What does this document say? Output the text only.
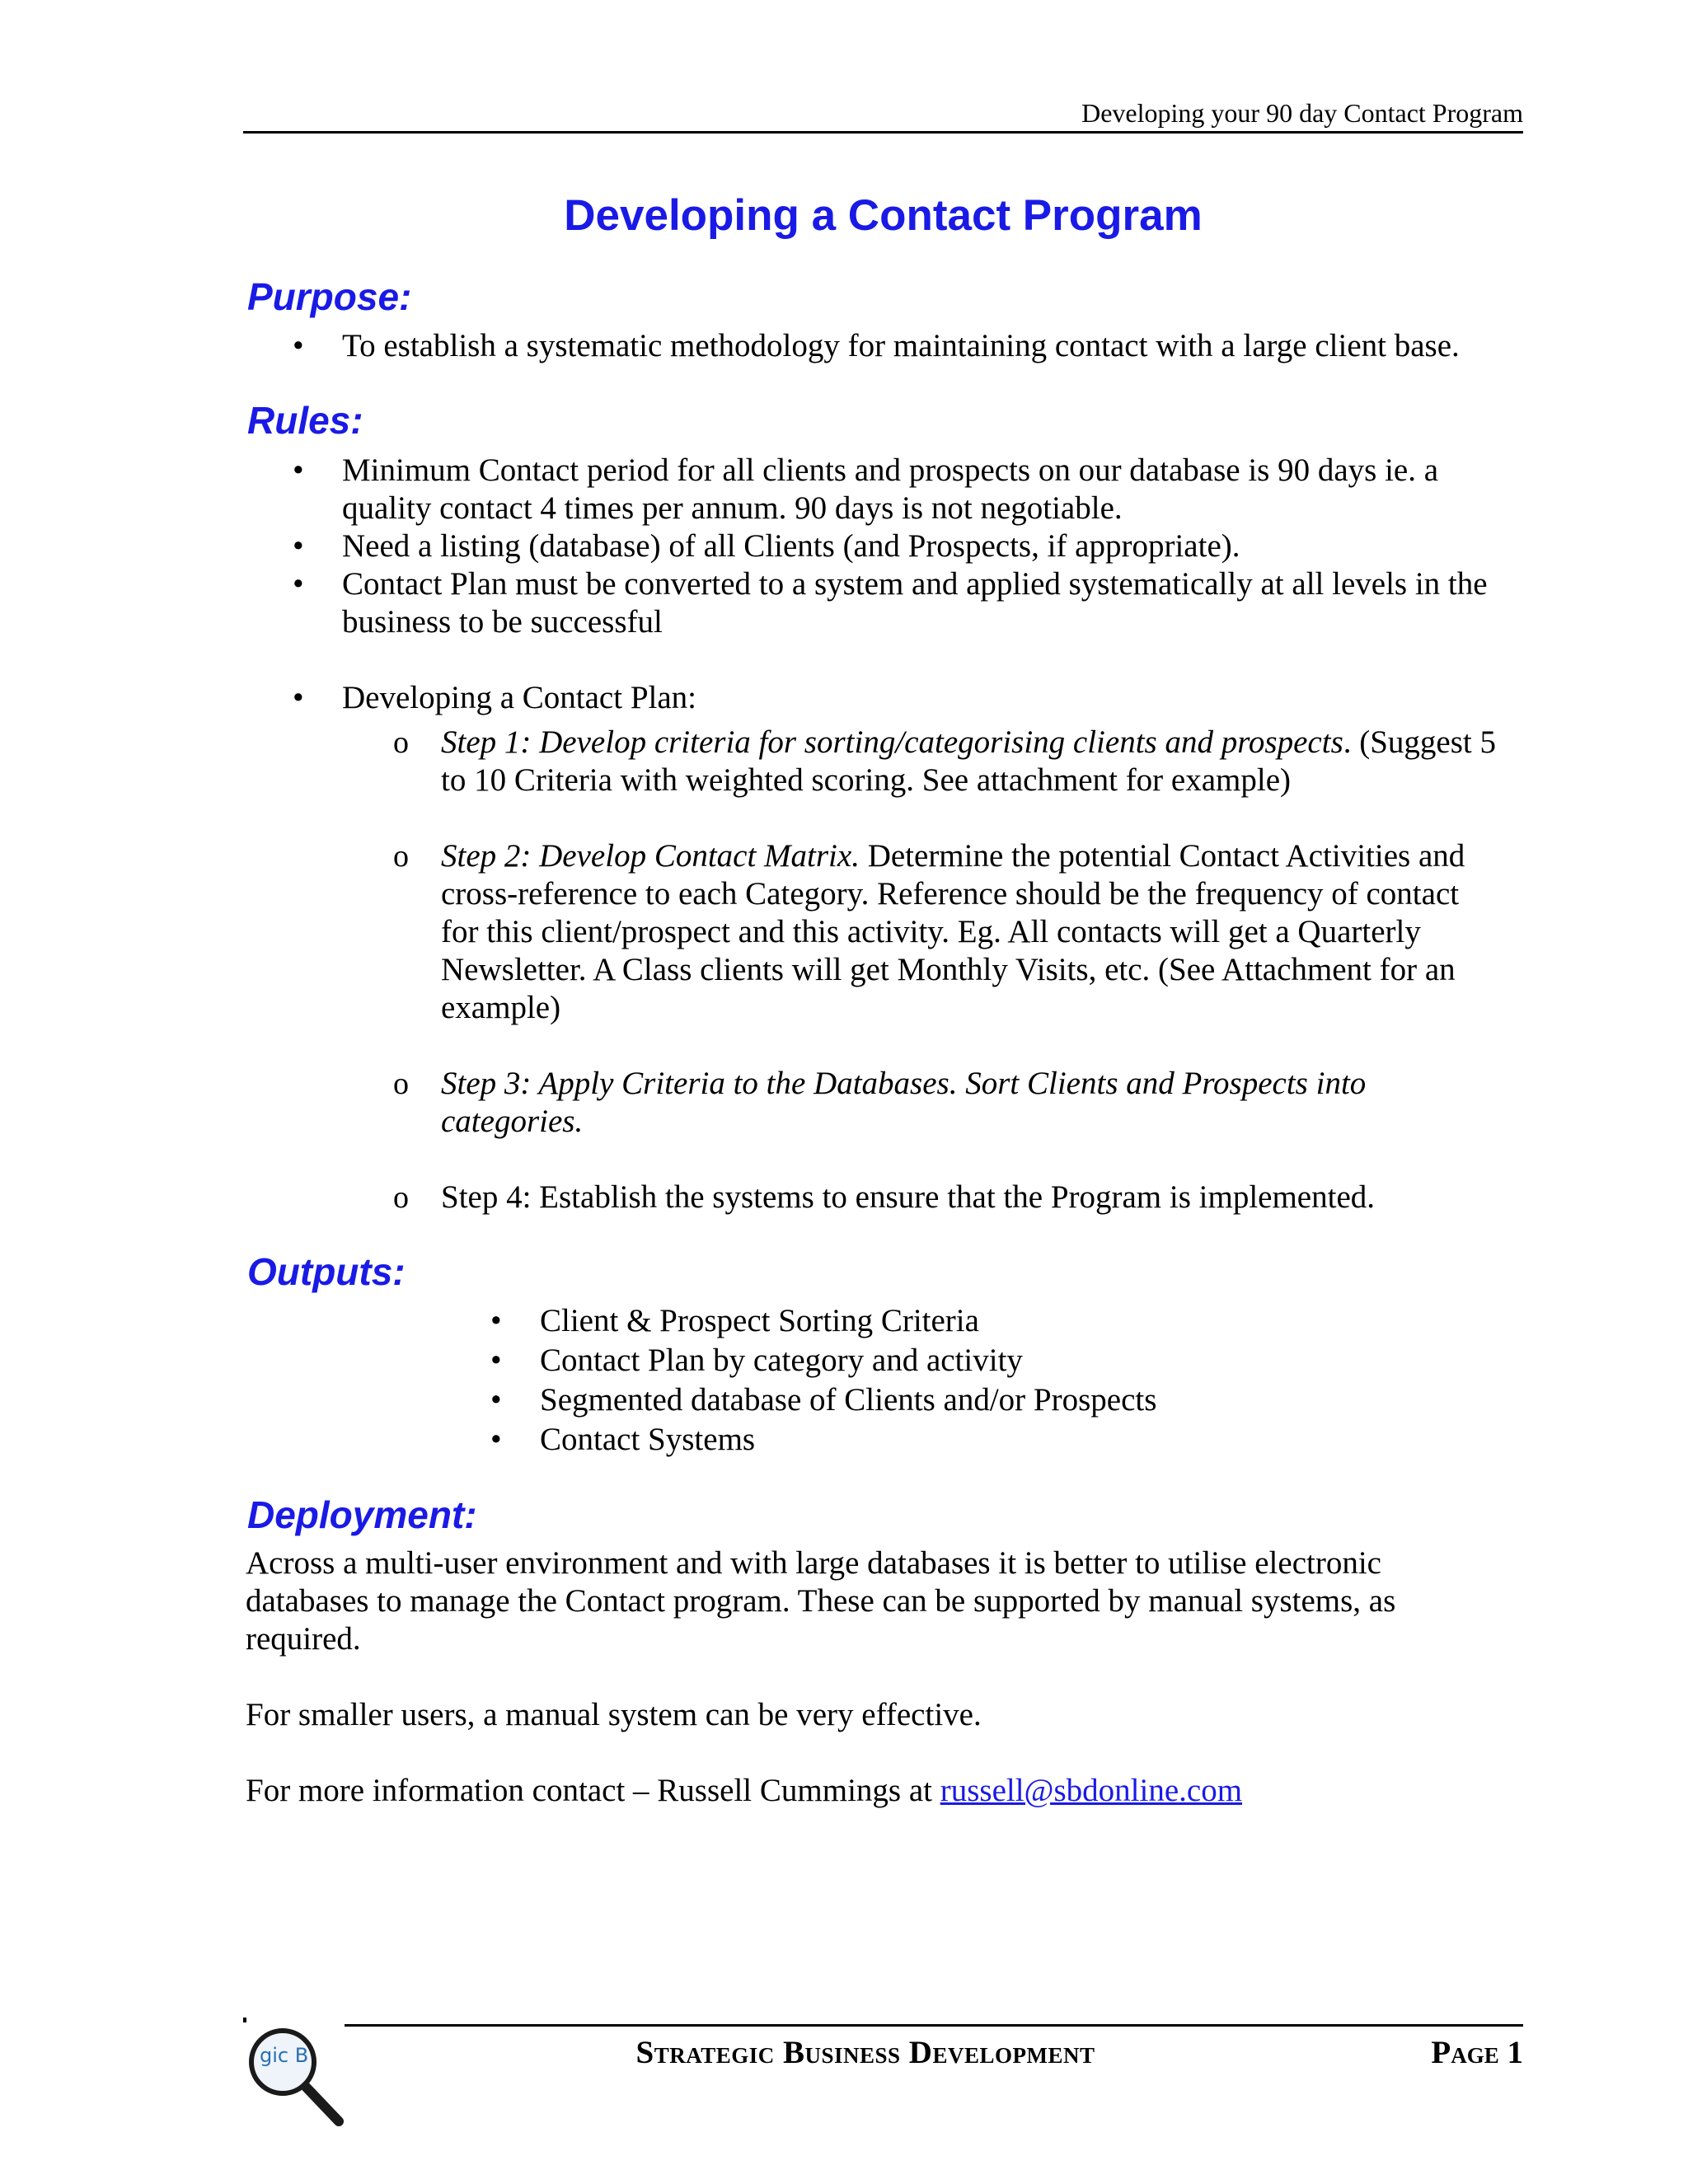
Developing your 90 day Contact Program
Developing a Contact Program
Purpose:
• To establish a systematic methodology for maintaining contact with a large client base.
Rules:
• Minimum Contact period for all clients and prospects on our database is 90 days ie. a quality contact 4 times per annum. 90 days is not negotiable.
• Need a listing (database) of all Clients (and Prospects, if appropriate).
• Contact Plan must be converted to a system and applied systematically at all levels in the business to be successful
• Developing a Contact Plan:
o Step 1: Develop criteria for sorting/categorising clients and prospects. (Suggest 5 to 10 Criteria with weighted scoring. See attachment for example)
o Step 2: Develop Contact Matrix. Determine the potential Contact Activities and cross-reference to each Category. Reference should be the frequency of contact for this client/prospect and this activity. Eg. All contacts will get a Quarterly Newsletter. A Class clients will get Monthly Visits, etc. (See Attachment for an example)
o Step 3: Apply Criteria to the Databases. Sort Clients and Prospects into categories.
o Step 4: Establish the systems to ensure that the Program is implemented.
Outputs:
• Client & Prospect Sorting Criteria
• Contact Plan by category and activity
• Segmented database of Clients and/or Prospects
• Contact Systems
Deployment:

Across a multi-user environment and with large databases it is better to utilise electronic databases to manage the Contact program. These can be supported by manual systems, as required.

For smaller users, a manual system can be very effective.

For more information contact – Russell Cummings at russell@sbdonline.com

gic B	Strategic Business Development	Page 1
